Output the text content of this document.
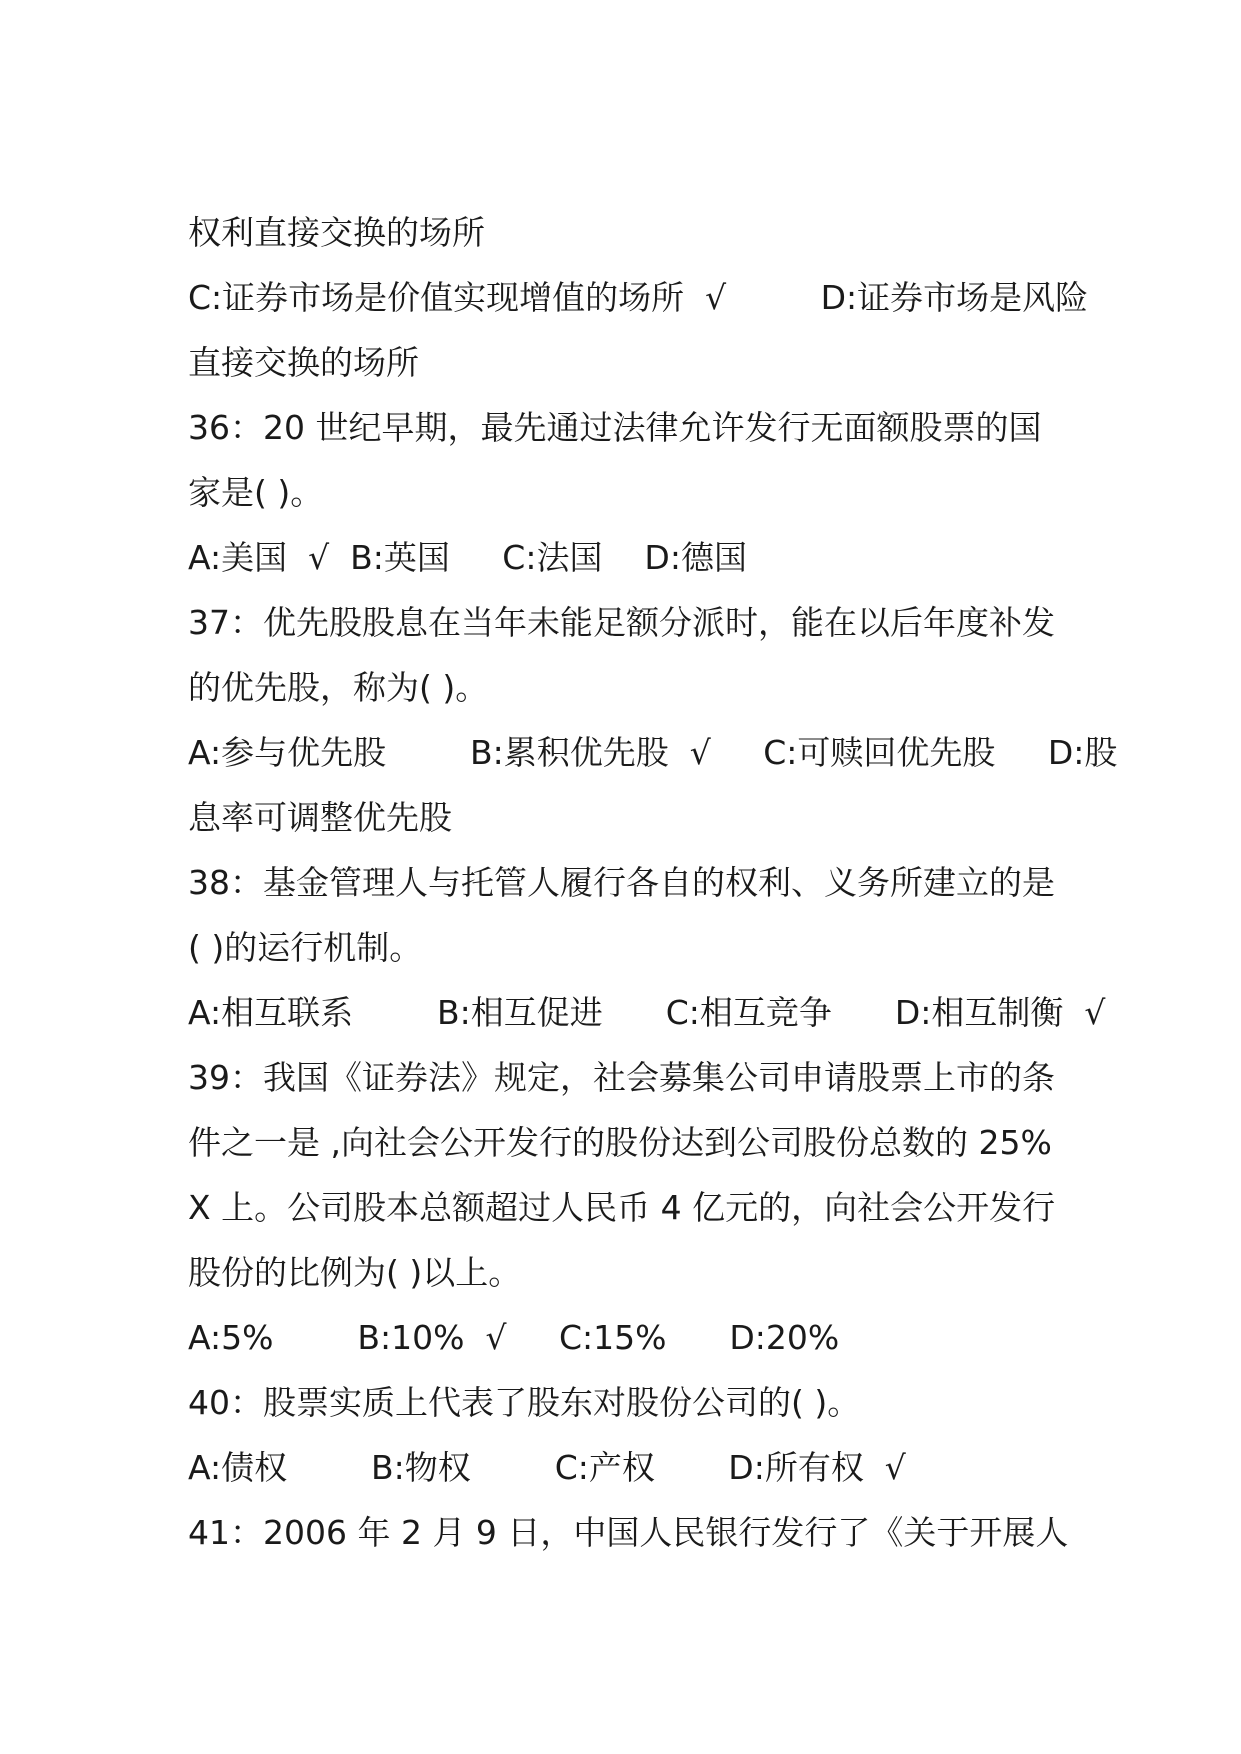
权利直接交换的场所
C:证券市场是价值实现增值的场所  √         D:证券市场是风险
直接交换的场所
36：20 世纪早期，最先通过法律允许发行无面额股票的国
家是( )。
A:美国  √  B:英国     C:法国    D:德国
37：优先股股息在当年未能足额分派时，能在以后年度补发
的优先股，称为( )。
A:参与优先股        B:累积优先股  √     C:可赎回优先股     D:股
息率可调整优先股
38：基金管理人与托管人履行各自的权利、义务所建立的是
( )的运行机制。
A:相互联系        B:相互促进      C:相互竞争      D:相互制衡  √
39：我国《证券法》规定，社会募集公司申请股票上市的条
件之一是 ,向社会公开发行的股份达到公司股份总数的 25%
X 上。公司股本总额超过人民币 4 亿元的，向社会公开发行
股份的比例为( )以上。
A:5%        B:10%  √     C:15%      D:20%
40：股票实质上代表了股东对股份公司的( )。
A:债权        B:物权        C:产权       D:所有权  √
41：2006 年 2 月 9 日，中国人民银行发行了《关于开展人
